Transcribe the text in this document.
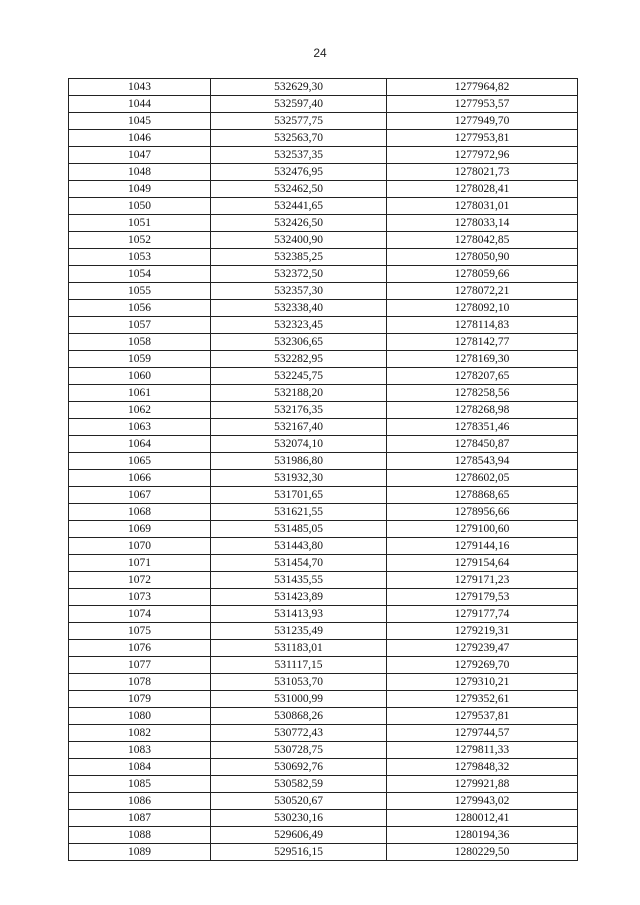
24
1043	532629,30	1277964,82
1044	532597,40	1277953,57
1045	532577,75	1277949,70
1046	532563,70	1277953,81
1047	532537,35	1277972,96
1048	532476,95	1278021,73
1049	532462,50	1278028,41
1050	532441,65	1278031,01
1051	532426,50	1278033,14
1052	532400,90	1278042,85
1053	532385,25	1278050,90
1054	532372,50	1278059,66
1055	532357,30	1278072,21
1056	532338,40	1278092,10
1057	532323,45	1278114,83
1058	532306,65	1278142,77
1059	532282,95	1278169,30
1060	532245,75	1278207,65
1061	532188,20	1278258,56
1062	532176,35	1278268,98
1063	532167,40	1278351,46
1064	532074,10	1278450,87
1065	531986,80	1278543,94
1066	531932,30	1278602,05
1067	531701,65	1278868,65
1068	531621,55	1278956,66
1069	531485,05	1279100,60
1070	531443,80	1279144,16
1071	531454,70	1279154,64
1072	531435,55	1279171,23
1073	531423,89	1279179,53
1074	531413,93	1279177,74
1075	531235,49	1279219,31
1076	531183,01	1279239,47
1077	531117,15	1279269,70
1078	531053,70	1279310,21
1079	531000,99	1279352,61
1080	530868,26	1279537,81
1082	530772,43	1279744,57
1083	530728,75	1279811,33
1084	530692,76	1279848,32
1085	530582,59	1279921,88
1086	530520,67	1279943,02
1087	530230,16	1280012,41
1088	529606,49	1280194,36
1089	529516,15	1280229,50
